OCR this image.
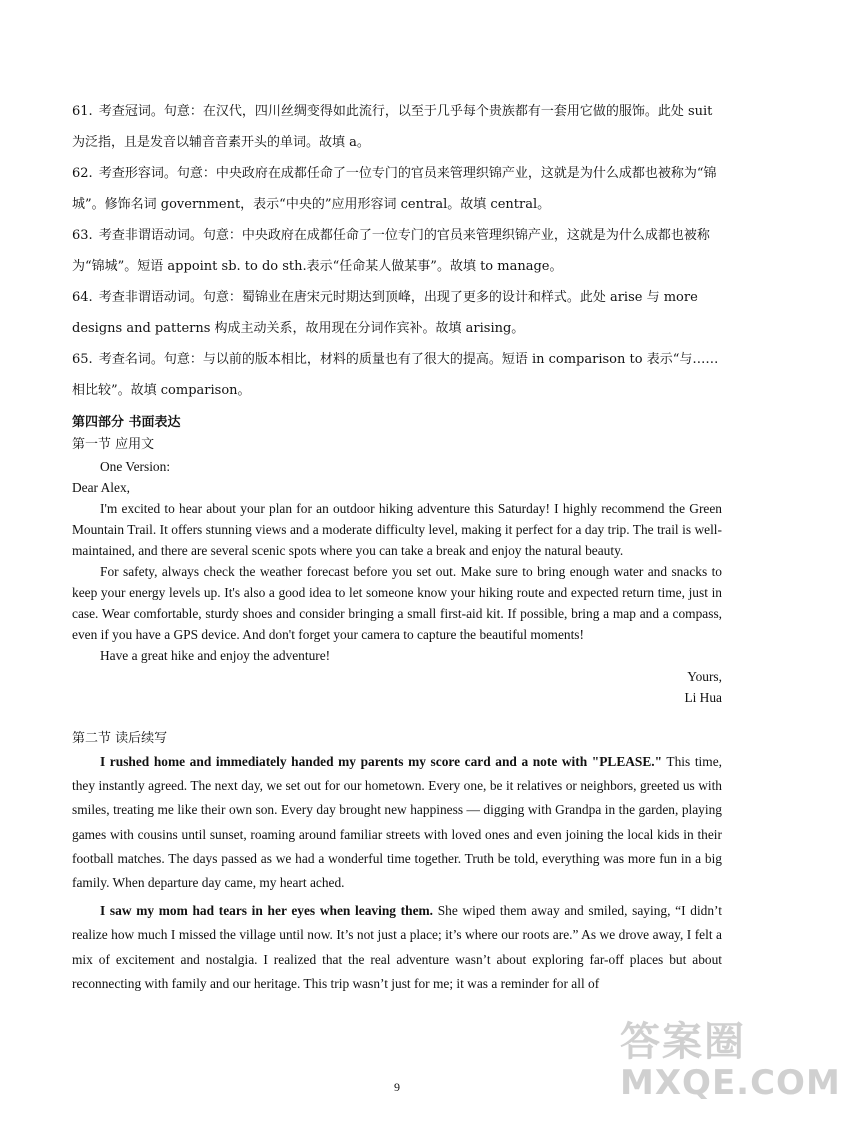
61. 考查冠词。句意：在汉代，四川丝绸变得如此流行，以至于几乎每个贵族都有一套用它做的服饰。此处 suit 为泛指，且是发音以辅音音素开头的单词。故填 a。

62. 考查形容词。句意：中央政府在成都任命了一位专门的官员来管理织锦产业，这就是为什么成都也被称为“锦城”。修饰名词 government，表示“中央的”应用形容词 central。故填 central。

63. 考查非谓语动词。句意：中央政府在成都任命了一位专门的官员来管理织锦产业，这就是为什么成都也被称为“锦城”。短语 appoint sb. to do sth.表示“任命某人做某事”。故填 to manage。

64. 考查非谓语动词。句意：蜀锦业在唐宋元时期达到顶峰，出现了更多的设计和样式。此处 arise 与 more designs and patterns 构成主动关系，故用现在分词作宾补。故填 arising。

65. 考查名词。句意：与以前的版本相比，材料的质量也有了很大的提高。短语 in comparison to 表示“与……相比较”。故填 comparison。

第四部分 书面表达
第一节 应用文

One Version:

Dear Alex,

I'm excited to hear about your plan for an outdoor hiking adventure this Saturday! I highly recommend the Green Mountain Trail. It offers stunning views and a moderate difficulty level, making it perfect for a day trip. The trail is well-maintained, and there are several scenic spots where you can take a break and enjoy the natural beauty.

For safety, always check the weather forecast before you set out. Make sure to bring enough water and snacks to keep your energy levels up. It's also a good idea to let someone know your hiking route and expected return time, just in case. Wear comfortable, sturdy shoes and consider bringing a small first-aid kit. If possible, bring a map and a compass, even if you have a GPS device. And don't forget your camera to capture the beautiful moments!

Have a great hike and enjoy the adventure!

Yours,
Li Hua
第二节 读后续写

I rushed home and immediately handed my parents my score card and a note with "PLEASE." This time, they instantly agreed. The next day, we set out for our hometown. Every one, be it relatives or neighbors, greeted us with smiles, treating me like their own son. Every day brought new happiness — digging with Grandpa in the garden, playing games with cousins until sunset, roaming around familiar streets with loved ones and even joining the local kids in their football matches. The days passed as we had a wonderful time together. Truth be told, everything was more fun in a big family. When departure day came, my heart ached.

I saw my mom had tears in her eyes when leaving them. She wiped them away and smiled, saying, “I didn’t realize how much I missed the village until now. It’s not just a place; it’s where our roots are.” As we drove away, I felt a mix of excitement and nostalgia. I realized that the real adventure wasn’t about exploring far-off places but about reconnecting with family and our heritage. This trip wasn’t just for me; it was a reminder for all of

9
答案圈
MXQE.COM
